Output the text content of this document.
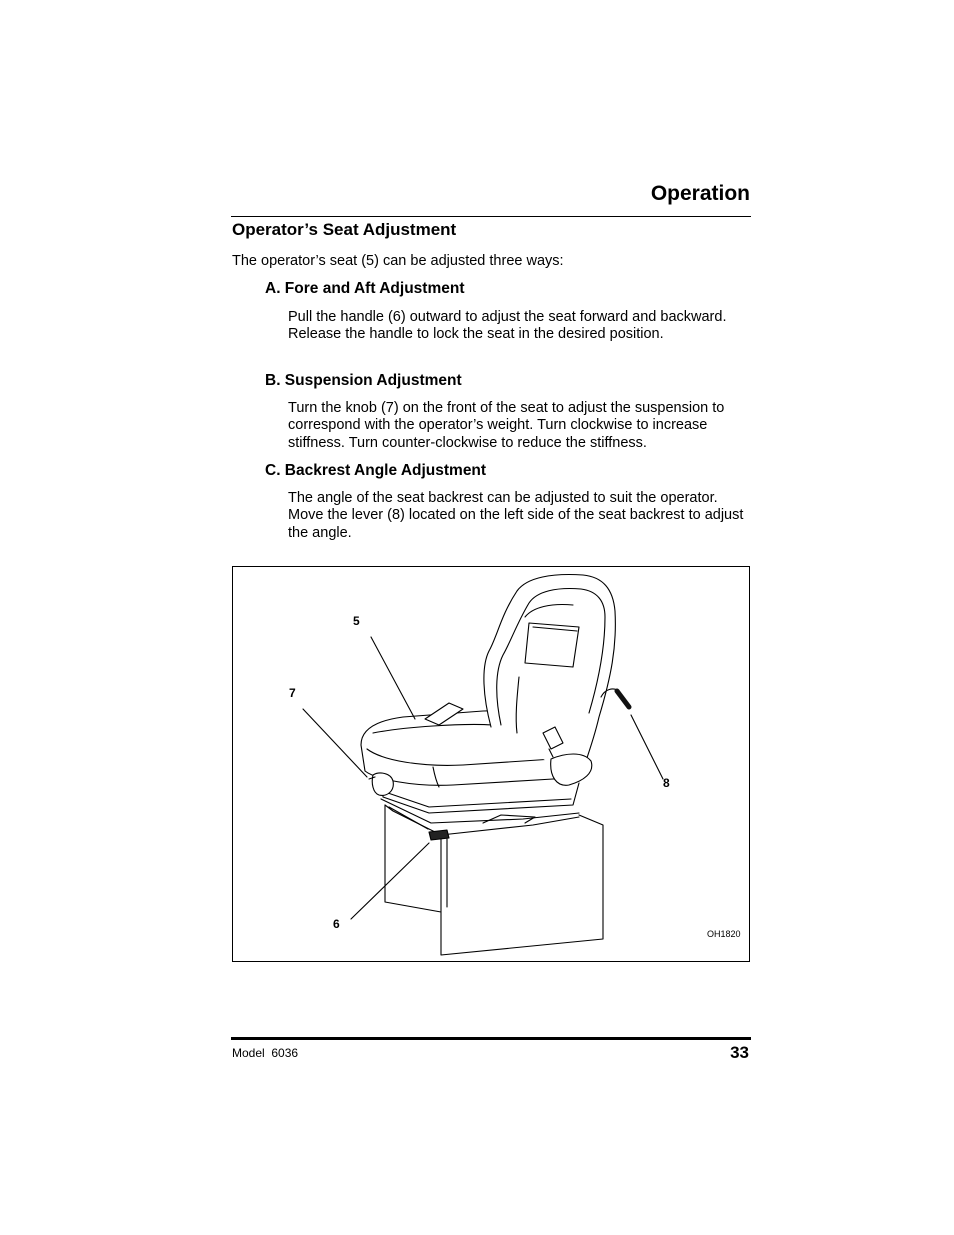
Operation
Operator’s Seat Adjustment

The operator’s seat (5) can be adjusted three ways:

A. Fore and Aft Adjustment

Pull the handle (6) outward to adjust the seat forward and backward. Release the handle to lock the seat in the desired position.

B. Suspension Adjustment

Turn the knob (7) on the front of the seat to adjust the suspension to correspond with the operator’s weight. Turn clockwise to increase stiffness. Turn counter-clockwise to reduce the stiffness.

C. Backrest Angle Adjustment

The angle of the seat backrest can be adjusted to suit the operator. Move the lever (8) located on the left side of the seat backrest to adjust the angle.

5
7
8
6
OH1820
Model  6036	33
